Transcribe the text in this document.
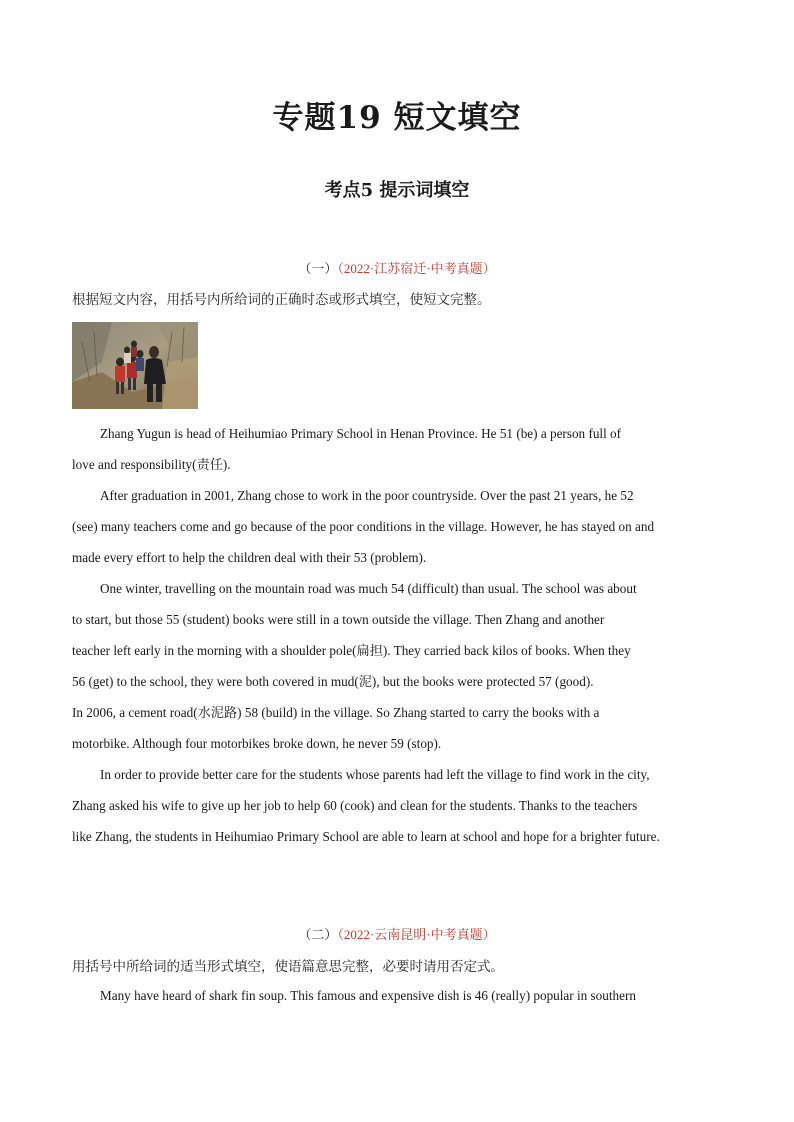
专题19 短文填空
考点5 提示词填空
（一）（2022·江苏宿迁·中考真题）
根据短文内容，用括号内所给词的正确时态或形式填空，使短文完整。
Zhang Yugun is head of Heihumiao Primary School in Henan Province. He 51 (be) a person full of
love and responsibility(责任).
After graduation in 2001, Zhang chose to work in the poor countryside. Over the past 21 years, he 52
(see) many teachers come and go because of the poor conditions in the village. However, he has stayed on and
made every effort to help the children deal with their 53 (problem).
One winter, travelling on the mountain road was much 54 (difficult) than usual. The school was about
to start, but those 55 (student) books were still in a town outside the village. Then Zhang and another
teacher left early in the morning with a shoulder pole(扁担). They carried back kilos of books. When they
56 (get) to the school, they were both covered in mud(泥), but the books were protected 57 (good).
In 2006, a cement road(水泥路) 58 (build) in the village. So Zhang started to carry the books with a
motorbike. Although four motorbikes broke down, he never 59 (stop).
In order to provide better care for the students whose parents had left the village to find work in the city,
Zhang asked his wife to give up her job to help 60 (cook) and clean for the students. Thanks to the teachers
like Zhang, the students in Heihumiao Primary School are able to learn at school and hope for a brighter future.
（二）（2022·云南昆明·中考真题）
用括号中所给词的适当形式填空，使语篇意思完整，必要时请用否定式。
Many have heard of shark fin soup. This famous and expensive dish is 46 (really) popular in southern
